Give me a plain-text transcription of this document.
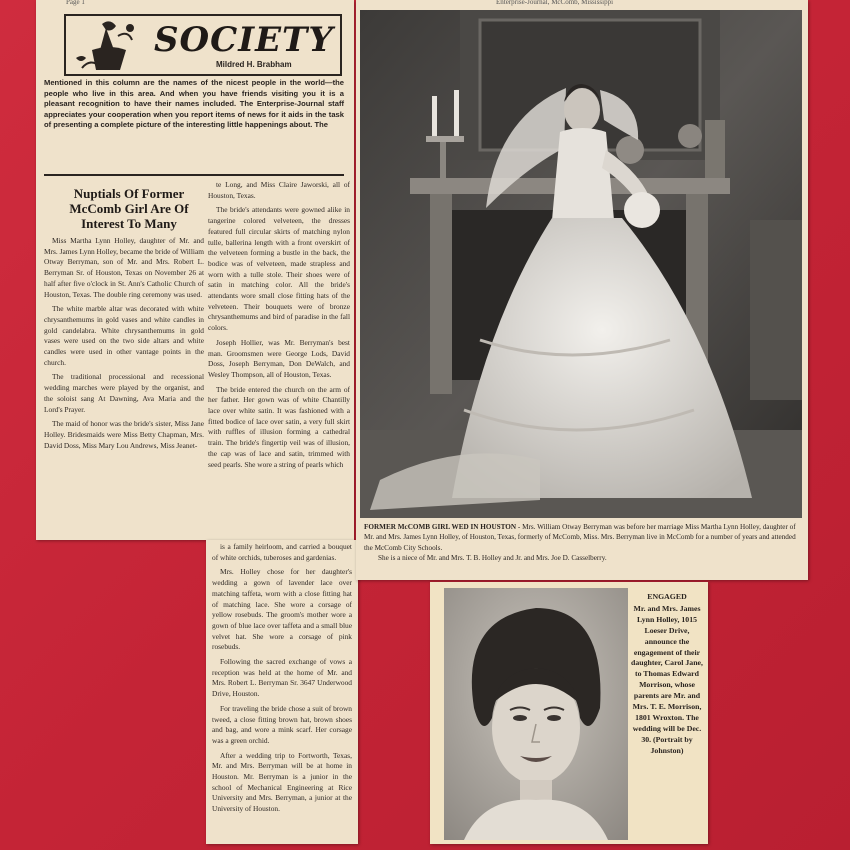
Page 1
SOCIETY
Mildred H. Brabham
Mentioned in this column are the names of the nicest people in the world—the people who live in this area. And when you have friends visiting you it is a pleasant recognition to have their names included. The Enterprise-Journal staff appreciates your cooperation when you report items of news for it aids in the task of presenting a complete picture of the interesting little happenings about. The
Nuptials Of Former McComb Girl Are Of Interest To Many

Miss Martha Lynn Holley, daughter of Mr. and Mrs. James Lynn Holley, became the bride of William Otway Berryman, son of Mr. and Mrs. Robert L. Berryman Sr. of Houston, Texas on November 26 at half after five o'clock in St. Ann's Catholic Church of Houston, Texas. The double ring ceremony was used.

The white marble altar was decorated with white chrysanthemums in gold vases and white candles in gold candelabra. White chrysanthemums in gold vases were used on the two side altars and white candles were used in other vantage points in the church.

The traditional processional and recessional wedding marches were played by the organist, and the soloist sang At Dawning, Ava Maria and the Lord's Prayer.

The maid of honor was the bride's sister, Miss Jane Holley. Bridesmaids were Miss Betty Chapman, Mrs. David Doss, Miss Mary Lou Andrews, Miss Jeanet-

te Long, and Miss Claire Jaworski, all of Houston, Texas.

The bride's attendants were gowned alike in tangerine colored velveteen, the dresses featured full circular skirts of matching nylon tulle, ballerina length with a front overskirt of the velveteen forming a bustle in the back, the bodice was of velveteen, made strapless and worn with a tulle stole. Their shoes were of satin in matching color. All the bride's attendants wore small close fitting hats of the velveteen. Their bouquets were of bronze chrysanthemums and bird of paradise in the fall colors.

Joseph Hollier, was Mr. Berryman's best man. Groomsmen were George Lods, David Doss, Joseph Berryman, Don DeWalch, and Wesley Thompson, all of Houston, Texas.

The bride entered the church on the arm of her father. Her gown was of white Chantilly lace over white satin. It was fashioned with a fitted bodice of lace over satin, a very full skirt with ruffles of illusion forming a cathedral train. The bride's fingertip veil was of illusion, the cap was of lace and satin, trimmed with seed pearls. She wore a string of pearls which

is a family heirloom, and carried a bouquet of white orchids, tuberoses and gardenias.

Mrs. Holley chose for her daughter's wedding a gown of lavender lace over matching taffeta, worn with a close fitting hat of matching lace. She wore a corsage of yellow rosebuds. The groom's mother wore a gown of blue lace over taffeta and a small blue velvet hat. She wore a corsage of pink rosebuds.

Following the sacred exchange of vows a reception was held at the home of Mr. and Mrs. Robert L. Berryman Sr. 3647 Underwood Drive, Houston.

For traveling the bride chose a suit of brown tweed, a close fitting brown hat, brown shoes and bag, and wore a mink scarf. Her corsage was a green orchid.

After a wedding trip to Fortworth, Texas, Mr. and Mrs. Berryman will be at home in Houston. Mr. Berryman is a junior in the school of Mechanical Engineering at Rice University and Mrs. Berryman, a junior at the University of Houston.

Enterprise-Journal, McComb, Mississippi
FORMER McCOMB GIRL WED IN HOUSTON - Mrs. William Otway Berryman was before her marriage Miss Martha Lynn Holley, daughter of Mr. and Mrs. James Lynn Holley, of Houston, Texas, formerly of McComb, Miss. Mrs. Berryman live in McComb for a number of years and attended the McComb City Schools.
She is a niece of Mr. and Mrs. T. B. Holley and Jr. and Mrs. Joe D. Casselberry.
ENGAGED
Mr. and Mrs. James Lynn Holley, 1015 Loeser Drive, announce the engagement of their daughter, Carol Jane, to Thomas Edward Morrison, whose parents are Mr. and Mrs. T. E. Morrison, 1801 Wroxton. The wedding will be Dec. 30. (Portrait by Johnston)
